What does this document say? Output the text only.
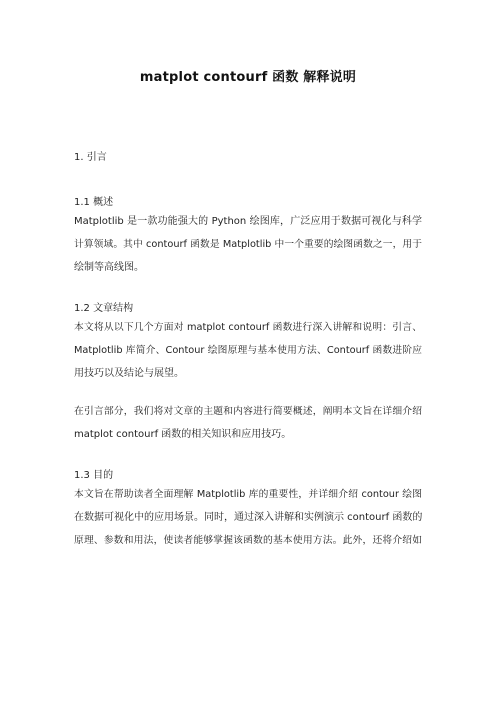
matplot contourf 函数 解释说明
1. 引言
1.1 概述
Matplotlib 是一款功能强大的 Python 绘图库，广泛应用于数据可视化与科学
计算领域。其中 contourf 函数是 Matplotlib 中一个重要的绘图函数之一，用于
绘制等高线图。
1.2 文章结构
本文将从以下几个方面对 matplot contourf 函数进行深入讲解和说明：引言、
Matplotlib 库简介、Contour 绘图原理与基本使用方法、Contourf 函数进阶应
用技巧以及结论与展望。
在引言部分，我们将对文章的主题和内容进行简要概述，阐明本文旨在详细介绍
matplot contourf 函数的相关知识和应用技巧。
1.3 目的
本文旨在帮助读者全面理解 Matplotlib 库的重要性，并详细介绍 contour 绘图
在数据可视化中的应用场景。同时，通过深入讲解和实例演示 contourf 函数的
原理、参数和用法，使读者能够掌握该函数的基本使用方法。此外，还将介绍如
